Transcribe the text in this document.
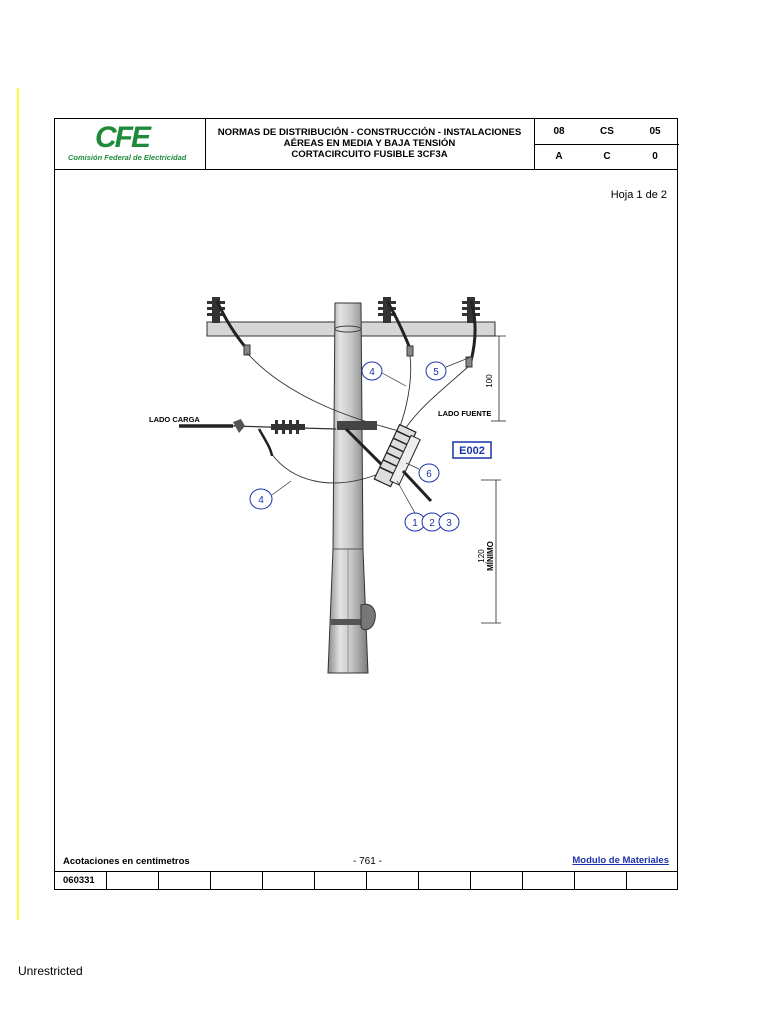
CFE
Comisión Federal de Electricidad
NORMAS DE DISTRIBUCIÓN - CONSTRUCCIÓN - INSTALACIONES
AÉREAS EN MEDIA Y BAJA TENSIÓN
CORTACIRCUITO FUSIBLE 3CF3A
08	CS	05
A	C	0
Hoja 1 de 2
100
120 MÍNIMO
LADO CARGA
LADO FUENTE
4	5
6
4
1 2 3
E002
Acotaciones en centimetros	- 761 -	Modulo de Materiales
060331
Unrestricted
